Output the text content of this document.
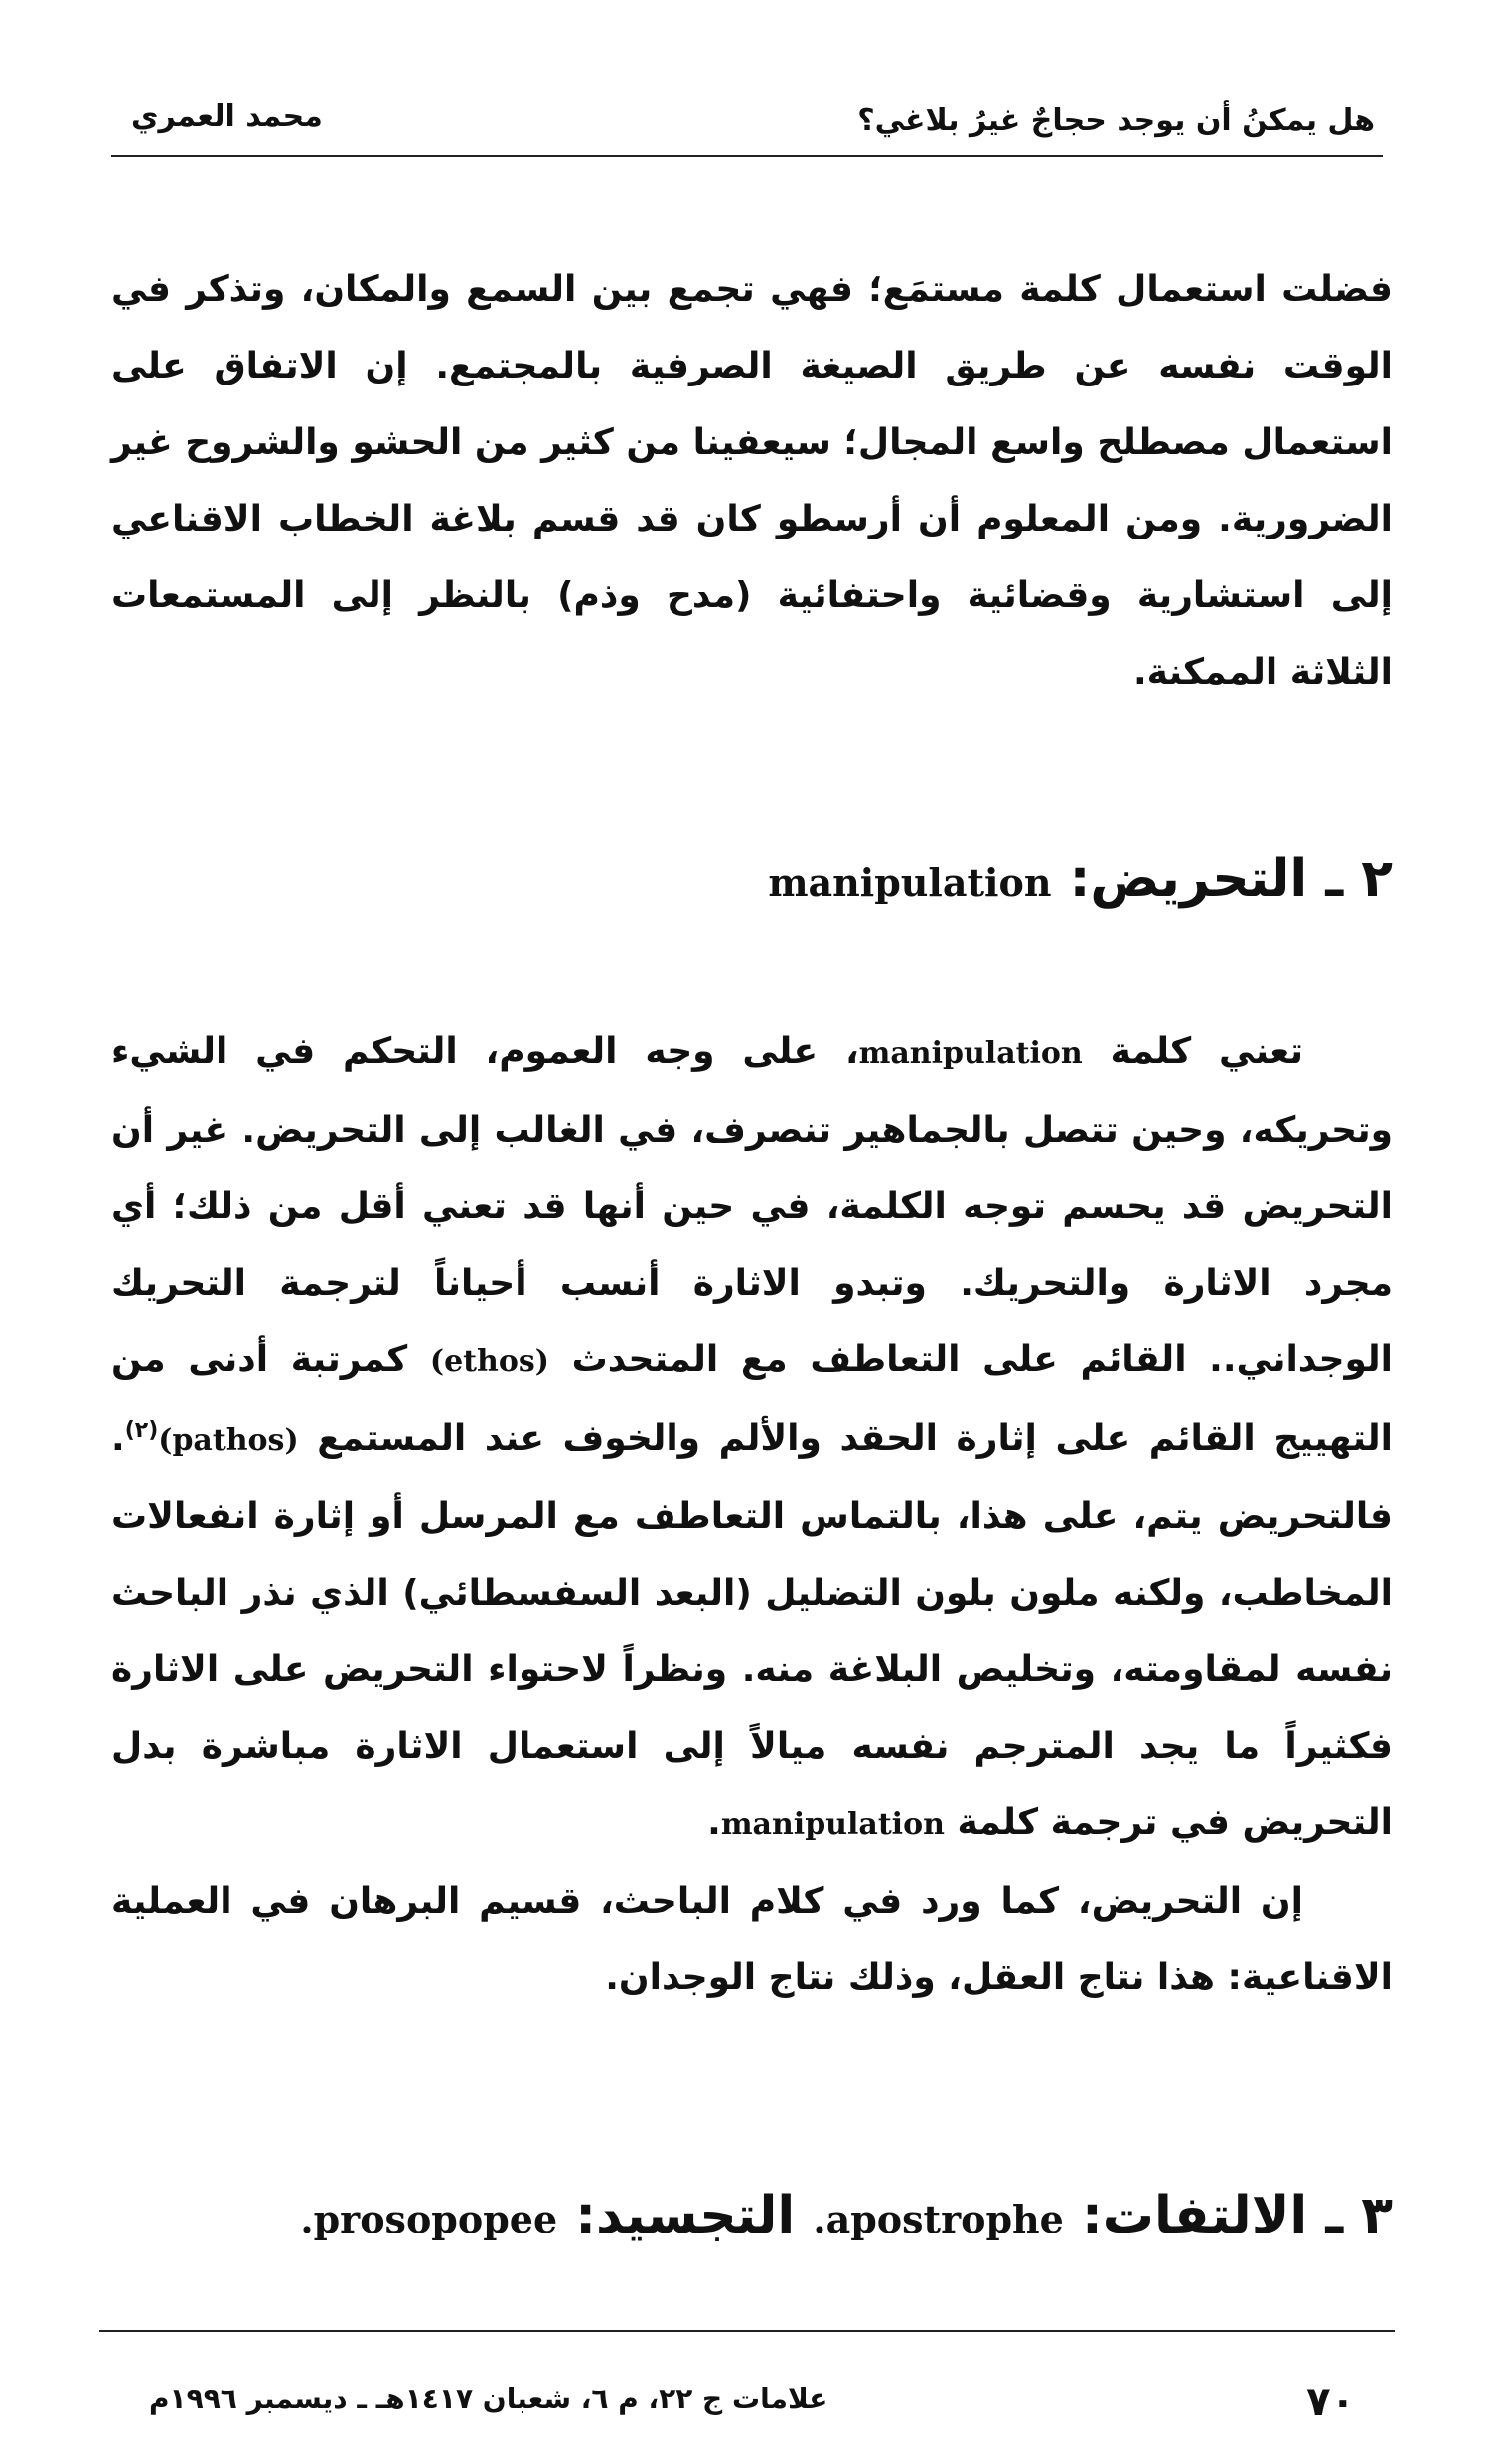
هل يمكنُ أن يوجد حجاجٌ غيرُ بلاغي؟
محمد العمري

فضلت استعمال كلمة مستمَع؛ فهي تجمع بين السمع والمكان، وتذكر في الوقت نفسه عن طريق الصيغة الصرفية بالمجتمع. إن الاتفاق على استعمال مصطلح واسع المجال؛ سيعفينا من كثير من الحشو والشروح غير الضرورية. ومن المعلوم أن أرسطو كان قد قسم بلاغة الخطاب الاقناعي إلى استشارية وقضائية واحتفائية (مدح وذم) بالنظر إلى المستمعات الثلاثة الممكنة.

٢ ـ التحريض: manipulation

تعني كلمة manipulation، على وجه العموم، التحكم في الشيء وتحريكه، وحين تتصل بالجماهير تنصرف، في الغالب إلى التحريض. غير أن التحريض قد يحسم توجه الكلمة، في حين أنها قد تعني أقل من ذلك؛ أي مجرد الاثارة والتحريك. وتبدو الاثارة أنسب أحياناً لترجمة التحريك الوجداني.. القائم على التعاطف مع المتحدث (ethos) كمرتبة أدنى من التهييج القائم على إثارة الحقد والألم والخوف عند المستمع (pathos)$^{(٢)}$. فالتحريض يتم، على هذا، بالتماس التعاطف مع المرسل أو إثارة انفعالات المخاطب، ولكنه ملون بلون التضليل (البعد السفسطائي) الذي نذر الباحث نفسه لمقاومته، وتخليص البلاغة منه. ونظراً لاحتواء التحريض على الاثارة فكثيراً ما يجد المترجم نفسه ميالاً إلى استعمال الاثارة مباشرة بدل التحريض في ترجمة كلمة manipulation.

إن التحريض، كما ورد في كلام الباحث، قسيم البرهان في العملية الاقناعية: هذا نتاج العقل، وذلك نتاج الوجدان.

٣ ـ الالتفات: apostrophe. التجسيد: prosopopee.
٧٠
علامات ج ٢٢، م ٦، شعبان ١٤١٧هـ ـ ديسمبر ١٩٩٦م
